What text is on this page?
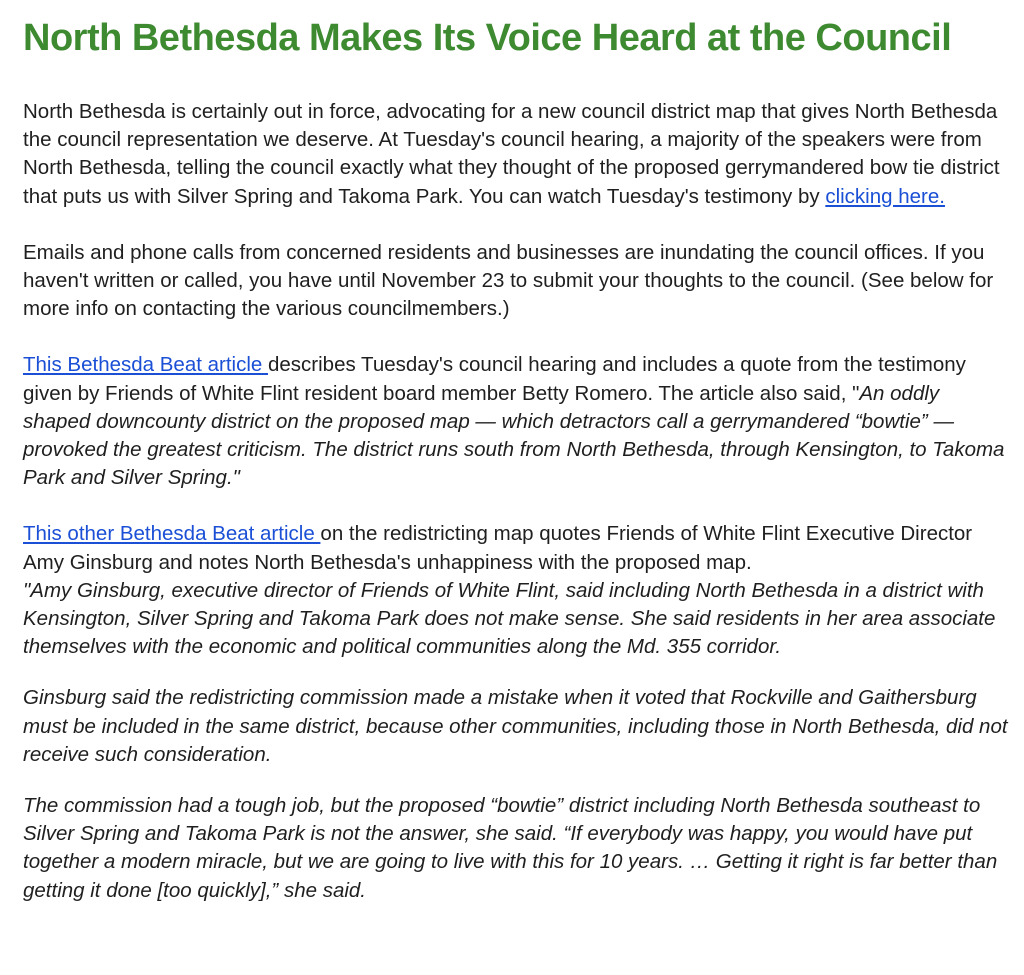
North Bethesda Makes Its Voice Heard at the Council

North Bethesda is certainly out in force, advocating for a new council district map that gives North Bethesda the council representation we deserve. At Tuesday's council hearing, a majority of the speakers were from North Bethesda, telling the council exactly what they thought of the proposed gerrymandered bow tie district that puts us with Silver Spring and Takoma Park. You can watch Tuesday's testimony by clicking here.

Emails and phone calls from concerned residents and businesses are inundating the council offices. If you haven't written or called, you have until November 23 to submit your thoughts to the council. (See below for more info on contacting the various councilmembers.)

This Bethesda Beat article describes Tuesday's council hearing and includes a quote from the testimony given by Friends of White Flint resident board member Betty Romero. The article also said, "An oddly shaped downcounty district on the proposed map — which detractors call a gerrymandered “bowtie” — provoked the greatest criticism. The district runs south from North Bethesda, through Kensington, to Takoma Park and Silver Spring."

This other Bethesda Beat article on the redistricting map quotes Friends of White Flint Executive Director Amy Ginsburg and notes North Bethesda's unhappiness with the proposed map.

"Amy Ginsburg, executive director of Friends of White Flint, said including North Bethesda in a district with Kensington, Silver Spring and Takoma Park does not make sense. She said residents in her area associate themselves with the economic and political communities along the Md. 355 corridor.

Ginsburg said the redistricting commission made a mistake when it voted that Rockville and Gaithersburg must be included in the same district, because other communities, including those in North Bethesda, did not receive such consideration.

The commission had a tough job, but the proposed “bowtie” district including North Bethesda southeast to Silver Spring and Takoma Park is not the answer, she said. “If everybody was happy, you would have put together a modern miracle, but we are going to live with this for 10 years. … Getting it right is far better than getting it done [too quickly],” she said.
